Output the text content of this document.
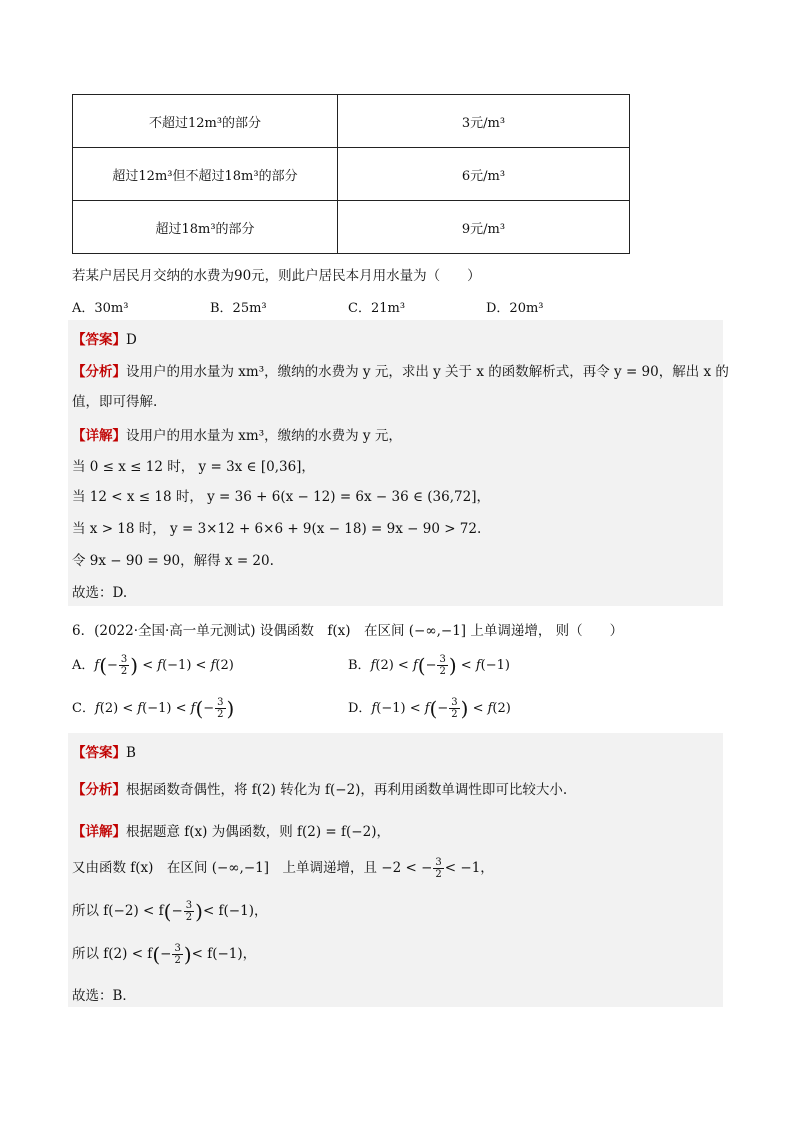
不超过12m³的部分	3元/m³
超过12m³但不超过18m³的部分	6元/m³
超过18m³的部分	9元/m³
若某户居民月交纳的水费为90元，则此户居民本月用水量为（　　）
A．30m³	B．25m³	C．21m³	D．20m³
【答案】D
【分析】设用户的用水量为 xm³，缴纳的水费为 y 元，求出 y 关于 x 的函数解析式，再令 y = 90，解出 x 的
值，即可得解.
【详解】设用户的用水量为 xm³，缴纳的水费为 y 元，
当 0 ≤ x ≤ 12 时， y = 3x ∈ [0,36]，
当 12 < x ≤ 18 时， y = 36 + 6(x − 12) = 6x − 36 ∈ (36,72]，
当 x > 18 时， y = 3×12 + 6×6 + 9(x − 18) = 9x − 90 > 72.
令 9x − 90 = 90，解得 x = 20.
故选：D.
6．(2022·全国·高一单元测试) 设偶函数　f(x)　在区间 (−∞,−1] 上单调递增， 则（　　）
A．$f(- \frac{3}{2}$ ) < f(−1) < f(2)	B．$f(2) < f(- \frac{3}{2}$ ) < f(−1)
C．$f(2) < f(-1) < f(- \frac{3}{2}$ )	D．$f(-1) < f(- \frac{3}{2}$ ) < f(2)
【答案】B
【分析】根据函数奇偶性，将 f(2) 转化为 f(−2)，再利用函数单调性即可比较大小.
【详解】根据题意 f(x) 为偶函数，则 f(2) = f(−2)，
又由函数 f(x)　在区间 (−∞,−1]　上单调递增，且 −2 < − $\frac{3}{2} < -1$，
所以 $f(-2) < f(- \frac{3}{2}$ )< f(−1)，
所以 $f(2) < f(- \frac{3}{2}$ )< f(−1)，
故选：B．
